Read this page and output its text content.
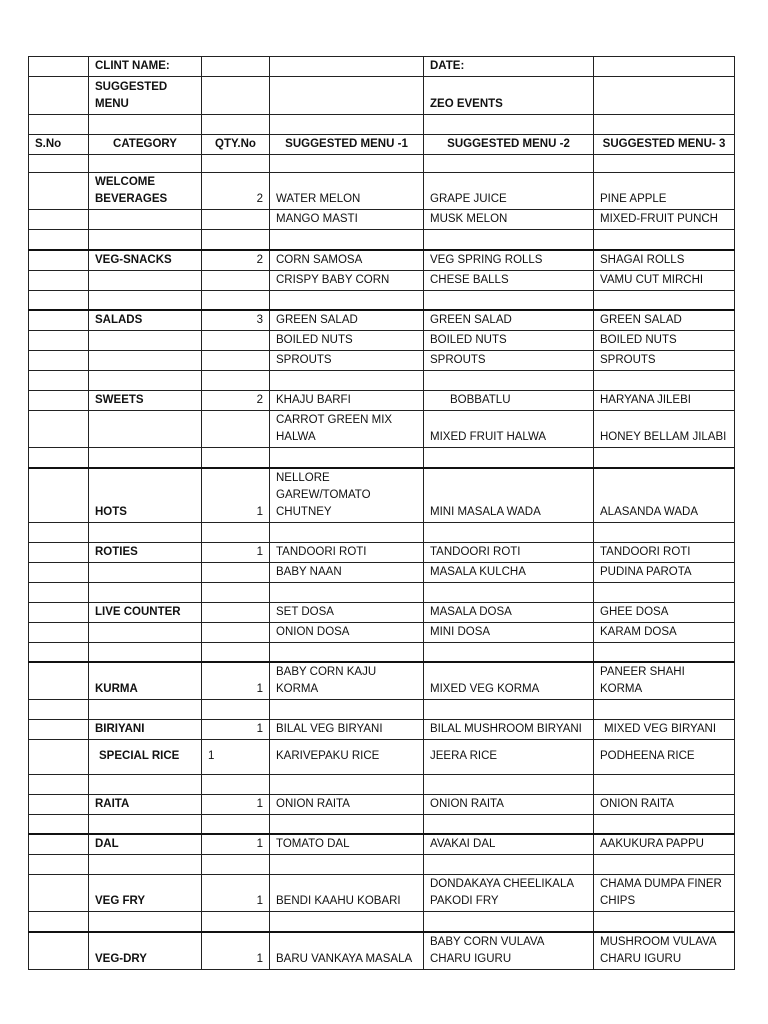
	CLINT NAME:			DATE:	
	SUGGESTED MENU			ZEO EVENTS	

S.No	CATEGORY	QTY.No	SUGGESTED MENU -1	SUGGESTED MENU -2	SUGGESTED MENU- 3

	WELCOME BEVERAGES	2	WATER MELON	GRAPE JUICE	PINE APPLE
			MANGO MASTI	MUSK MELON	MIXED-FRUIT PUNCH

	VEG-SNACKS	2	CORN SAMOSA	VEG SPRING ROLLS	SHAGAI ROLLS
			CRISPY BABY CORN	CHESE BALLS	VAMU CUT MIRCHI

	SALADS	3	GREEN SALAD	GREEN SALAD	GREEN SALAD
			BOILED NUTS	BOILED NUTS	BOILED NUTS
			SPROUTS	SPROUTS	SPROUTS

	SWEETS	2	KHAJU BARFI	BOBBATLU	HARYANA JILEBI
			CARROT GREEN MIX HALWA	MIXED FRUIT HALWA	HONEY BELLAM JILABI

	HOTS	1	NELLORE GAREW/TOMATO CHUTNEY	MINI MASALA WADA	ALASANDA WADA

	ROTIES	1	TANDOORI ROTI	TANDOORI ROTI	TANDOORI ROTI
			BABY NAAN	MASALA KULCHA	PUDINA PAROTA

	LIVE COUNTER		SET DOSA	MASALA DOSA	GHEE DOSA
			ONION DOSA	MINI DOSA	KARAM DOSA

	KURMA	1	BABY CORN KAJU KORMA	MIXED VEG KORMA	PANEER SHAHI KORMA

	BIRIYANI	1	BILAL VEG BIRYANI	BILAL MUSHROOM BIRYANI	MIXED VEG BIRYANI
	SPECIAL RICE	1	KARIVEPAKU RICE	JEERA RICE	PODHEENA RICE

	RAITA	1	ONION RAITA	ONION RAITA	ONION RAITA

	DAL	1	TOMATO DAL	AVAKAI DAL	AAKUKURA PAPPU

	VEG FRY	1	BENDI KAAHU KOBARI	DONDAKAYA CHEELIKALA PAKODI FRY	CHAMA DUMPA FINER CHIPS

	VEG-DRY	1	BARU VANKAYA MASALA	BABY CORN VULAVA CHARU IGURU	MUSHROOM VULAVA CHARU IGURU
